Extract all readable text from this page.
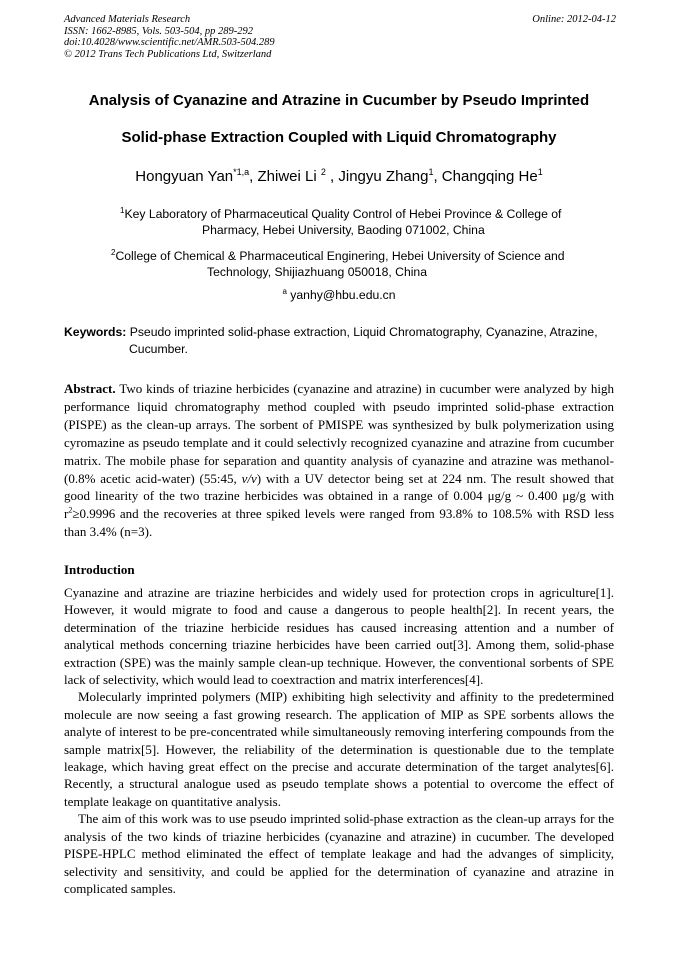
Advanced Materials Research
ISSN: 1662-8985, Vols. 503-504, pp 289-292
doi:10.4028/www.scientific.net/AMR.503-504.289
© 2012 Trans Tech Publications Ltd, Switzerland
Online: 2012-04-12
Analysis of Cyanazine and Atrazine in Cucumber by Pseudo Imprinted
Solid-phase Extraction Coupled with Liquid Chromatography
Hongyuan Yan$^{*1,a}$, Zhiwei Li $^2$ , Jingyu Zhang$^1$, Changqing He$^1$
$^1$Key Laboratory of Pharmaceutical Quality Control of Hebei Province & College of
Pharmacy, Hebei University, Baoding 071002, China
$^2$College of Chemical & Pharmaceutical Enginering, Hebei University of Science and
Technology, Shijiazhuang 050018, China
$^a$ yanhy@hbu.edu.cn
Keywords: Pseudo imprinted solid-phase extraction, Liquid Chromatography, Cyanazine, Atrazine,
Cucumber.
Abstract. Two kinds of triazine herbicides (cyanazine and atrazine) in cucumber were analyzed by high performance liquid chromatography method coupled with pseudo imprinted solid-phase extraction (PISPE) as the clean-up arrays. The sorbent of PMISPE was synthesized by bulk polymerization using cyromazine as pseudo template and it could selectivly recognized cyanazine and atrazine from cucumber matrix. The mobile phase for separation and quantity analysis of cyanazine and atrazine was methanol-(0.8% acetic acid-water) (55:45, v/v) with a UV detector being set at 224 nm. The result showed that good linearity of the two trazine herbicides was obtained in a range of 0.004 μg/g ~ 0.400 μg/g with $r^2\ge 0.9996$ and the recoveries at three spiked levels were ranged from 93.8% to 108.5% with RSD less than 3.4% (n=3).
Introduction

Cyanazine and atrazine are triazine herbicides and widely used for protection crops in agriculture[1]. However, it would migrate to food and cause a dangerous to people health[2]. In recent years, the determination of the triazine herbicide residues has caused increasing attention and a number of analytical methods concerning triazine herbicides have been carried out[3]. Among them, solid-phase extraction (SPE) was the mainly sample clean-up technique. However, the conventional sorbents of SPE lack of selectivity, which would lead to coextraction and matrix interferences[4].

Molecularly imprinted polymers (MIP) exhibiting high selectivity and affinity to the predetermined molecule are now seeing a fast growing research. The application of MIP as SPE sorbents allows the analyte of interest to be pre-concentrated while simultaneously removing interfering compounds from the sample matrix[5]. However, the reliability of the determination is questionable due to the template leakage, which having great effect on the precise and accurate determination of the target analytes[6]. Recently, a structural analogue used as pseudo template shows a potential to overcome the effect of template leakage on quantitative analysis.

The aim of this work was to use pseudo imprinted solid-phase extraction as the clean-up arrays for the analysis of the two kinds of triazine herbicides (cyanazine and atrazine) in cucumber. The developed PISPE-HPLC method eliminated the effect of template leakage and had the advanges of simplicity, selectivity and sensitivity, and could be applied for the determination of cyanazine and atrazine in complicated samples.
